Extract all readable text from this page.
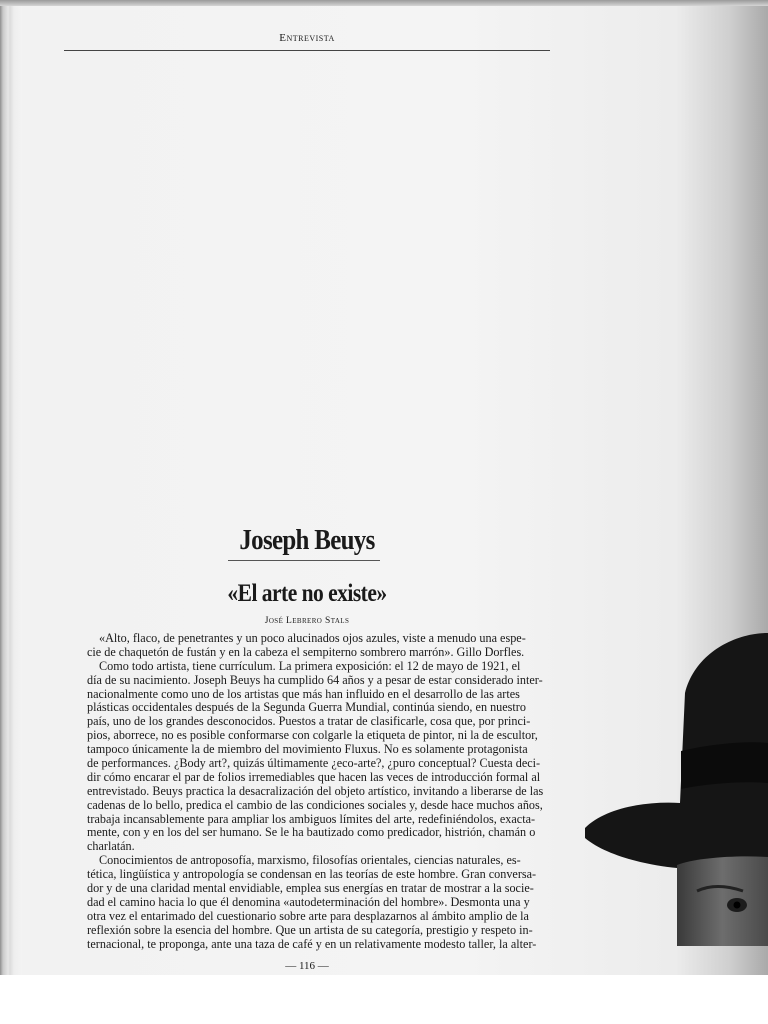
Entrevista
Joseph Beuys
«El arte no existe»
José Lebrero Stals
«Alto, flaco, de penetrantes y un poco alucinados ojos azules, viste a menudo una espe-
cie de chaquetón de fustán y en la cabeza el sempiterno sombrero marrón». Gillo Dorfles.
Como todo artista, tiene currículum. La primera exposición: el 12 de mayo de 1921, el
día de su nacimiento. Joseph Beuys ha cumplido 64 años y a pesar de estar considerado inter-
nacionalmente como uno de los artistas que más han influido en el desarrollo de las artes
plásticas occidentales después de la Segunda Guerra Mundial, continúa siendo, en nuestro
país, uno de los grandes desconocidos. Puestos a tratar de clasificarle, cosa que, por princi-
pios, aborrece, no es posible conformarse con colgarle la etiqueta de pintor, ni la de escultor,
tampoco únicamente la de miembro del movimiento Fluxus. No es solamente protagonista
de performances. ¿Body art?, quizás últimamente ¿eco-arte?, ¿puro conceptual? Cuesta deci-
dir cómo encarar el par de folios irremediables que hacen las veces de introducción formal al
entrevistado. Beuys practica la desacralización del objeto artístico, invitando a liberarse de las
cadenas de lo bello, predica el cambio de las condiciones sociales y, desde hace muchos años,
trabaja incansablemente para ampliar los ambiguos límites del arte, redefiniéndolos, exacta-
mente, con y en los del ser humano. Se le ha bautizado como predicador, histrión, chamán o
charlatán.
Conocimientos de antroposofía, marxismo, filosofías orientales, ciencias naturales, es-
tética, lingüística y antropología se condensan en las teorías de este hombre. Gran conversa-
dor y de una claridad mental envidiable, emplea sus energías en tratar de mostrar a la socie-
dad el camino hacia lo que él denomina «autodeterminación del hombre». Desmonta una y
otra vez el entarimado del cuestionario sobre arte para desplazarnos al ámbito amplio de la
reflexión sobre la esencia del hombre. Que un artista de su categoría, prestigio y respeto in-
ternacional, te proponga, ante una taza de café y en un relativamente modesto taller, la alter-
— 116 —
